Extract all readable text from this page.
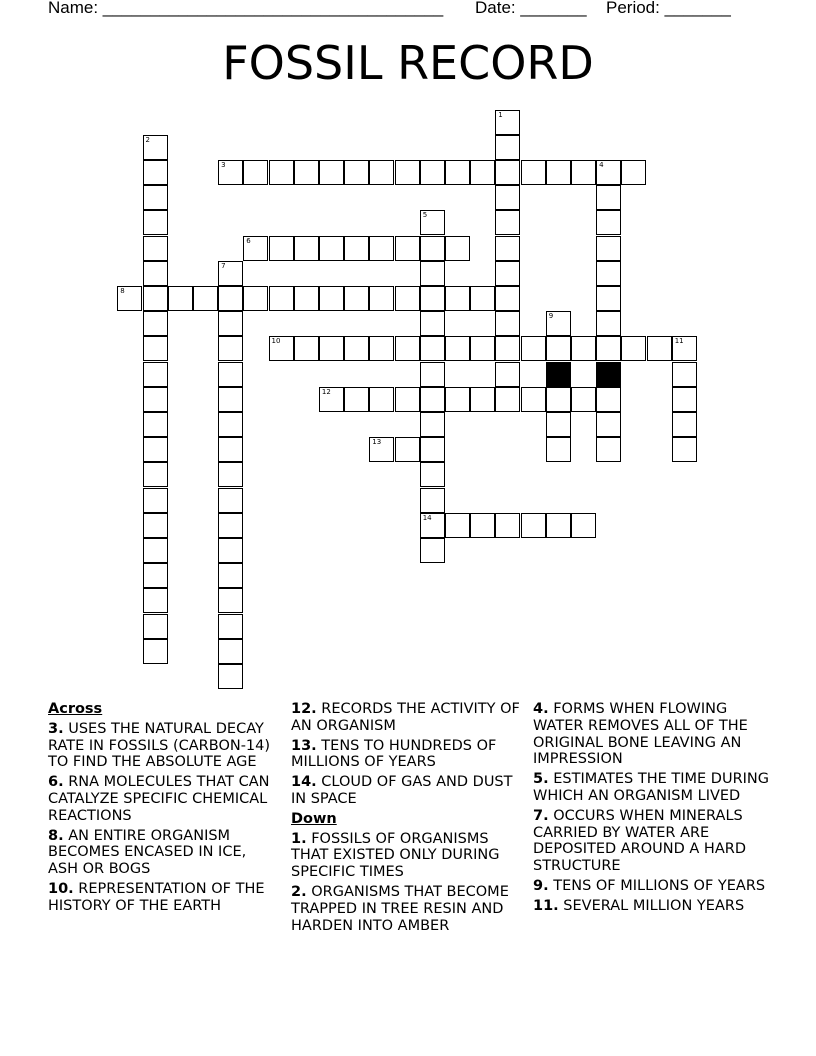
Name: ____________________________________ Date: _______ Period: _______
FOSSIL RECORD
1
2
3	4
5
14
6
7
8
9
10	11
12
13
Across
3. USES THE NATURAL DECAY RATE IN FOSSILS (CARBON-14) TO FIND THE ABSOLUTE AGE
6. RNA MOLECULES THAT CAN CATALYZE SPECIFIC CHEMICAL REACTIONS
8. AN ENTIRE ORGANISM BECOMES ENCASED IN ICE, ASH OR BOGS
10. REPRESENTATION OF THE HISTORY OF THE EARTH
12. RECORDS THE ACTIVITY OF AN ORGANISM
13. TENS TO HUNDREDS OF MILLIONS OF YEARS
14. CLOUD OF GAS AND DUST IN SPACE
Down
1. FOSSILS OF ORGANISMS THAT EXISTED ONLY DURING SPECIFIC TIMES
2. ORGANISMS THAT BECOME TRAPPED IN TREE RESIN AND HARDEN INTO AMBER
4. FORMS WHEN FLOWING WATER REMOVES ALL OF THE ORIGINAL BONE LEAVING AN IMPRESSION
5. ESTIMATES THE TIME DURING WHICH AN ORGANISM LIVED
7. OCCURS WHEN MINERALS CARRIED BY WATER ARE DEPOSITED AROUND A HARD STRUCTURE
9. TENS OF MILLIONS OF YEARS
11. SEVERAL MILLION YEARS
